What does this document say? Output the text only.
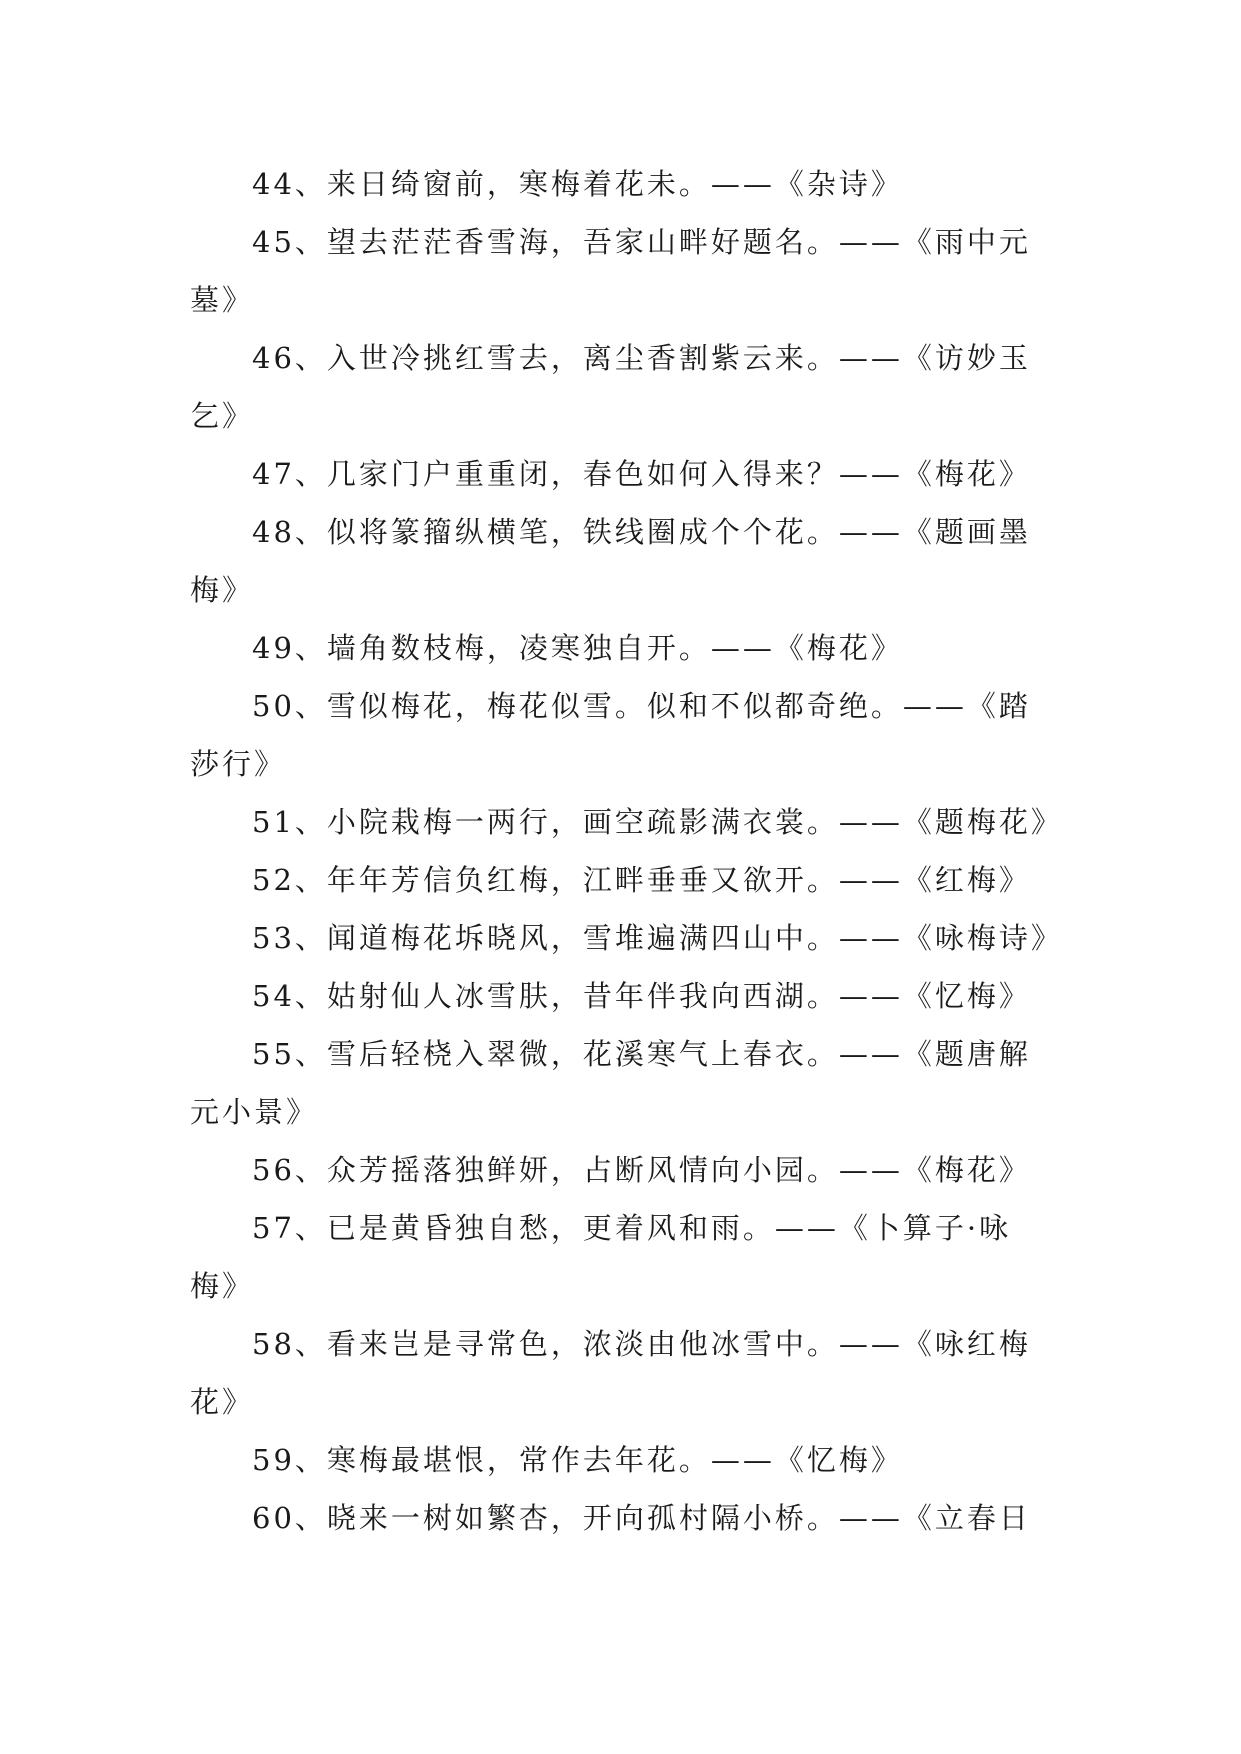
44、来日绮窗前，寒梅着花未。——《杂诗》

45、望去茫茫香雪海，吾家山畔好题名。——《雨中元

墓》

46、入世冷挑红雪去，离尘香割紫云来。——《访妙玉

乞》

47、几家门户重重闭，春色如何入得来？——《梅花》

48、似将篆籀纵横笔，铁线圈成个个花。——《题画墨

梅》

49、墙角数枝梅，凌寒独自开。——《梅花》

50、雪似梅花，梅花似雪。似和不似都奇绝。——《踏

莎行》

51、小院栽梅一两行，画空疏影满衣裳。——《题梅花》

52、年年芳信负红梅，江畔垂垂又欲开。——《红梅》

53、闻道梅花坼晓风，雪堆遍满四山中。——《咏梅诗》

54、姑射仙人冰雪肤，昔年伴我向西湖。——《忆梅》

55、雪后轻桡入翠微，花溪寒气上春衣。——《题唐解

元小景》

56、众芳摇落独鲜妍，占断风情向小园。——《梅花》

57、已是黄昏独自愁，更着风和雨。——《卜算子·咏

梅》

58、看来岂是寻常色，浓淡由他冰雪中。——《咏红梅

花》

59、寒梅最堪恨，常作去年花。——《忆梅》

60、晓来一树如繁杏，开向孤村隔小桥。——《立春日
